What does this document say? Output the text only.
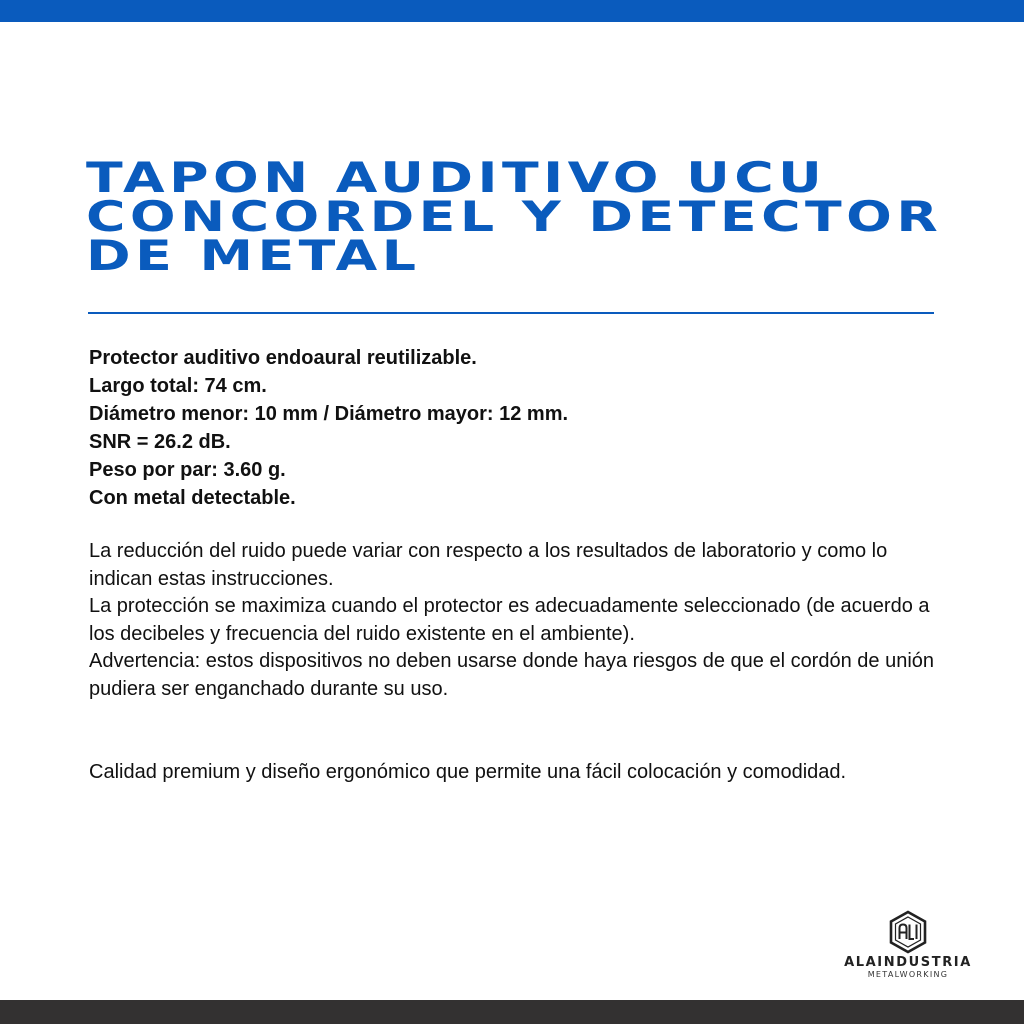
TAPON AUDITIVO UCU
CONCORDEL Y DETECTOR
DE METAL
Protector auditivo endoaural reutilizable.
Largo total: 74 cm.
Diámetro menor: 10 mm / Diámetro mayor: 12 mm.
SNR = 26.2 dB.
Peso por par: 3.60 g.
Con metal detectable.
La reducción del ruido puede variar con respecto a los resultados de laboratorio y como lo indican estas instrucciones.
La protección se maximiza cuando el protector es adecuadamente seleccionado (de acuerdo a los decibeles y frecuencia del ruido existente en el ambiente).
Advertencia: estos dispositivos no deben usarse donde haya riesgos de que el cordón de unión pudiera ser enganchado durante su uso.
Calidad premium y diseño ergonómico que permite una fácil colocación y comodidad.
ALAINDUSTRIA
METALWORKING
